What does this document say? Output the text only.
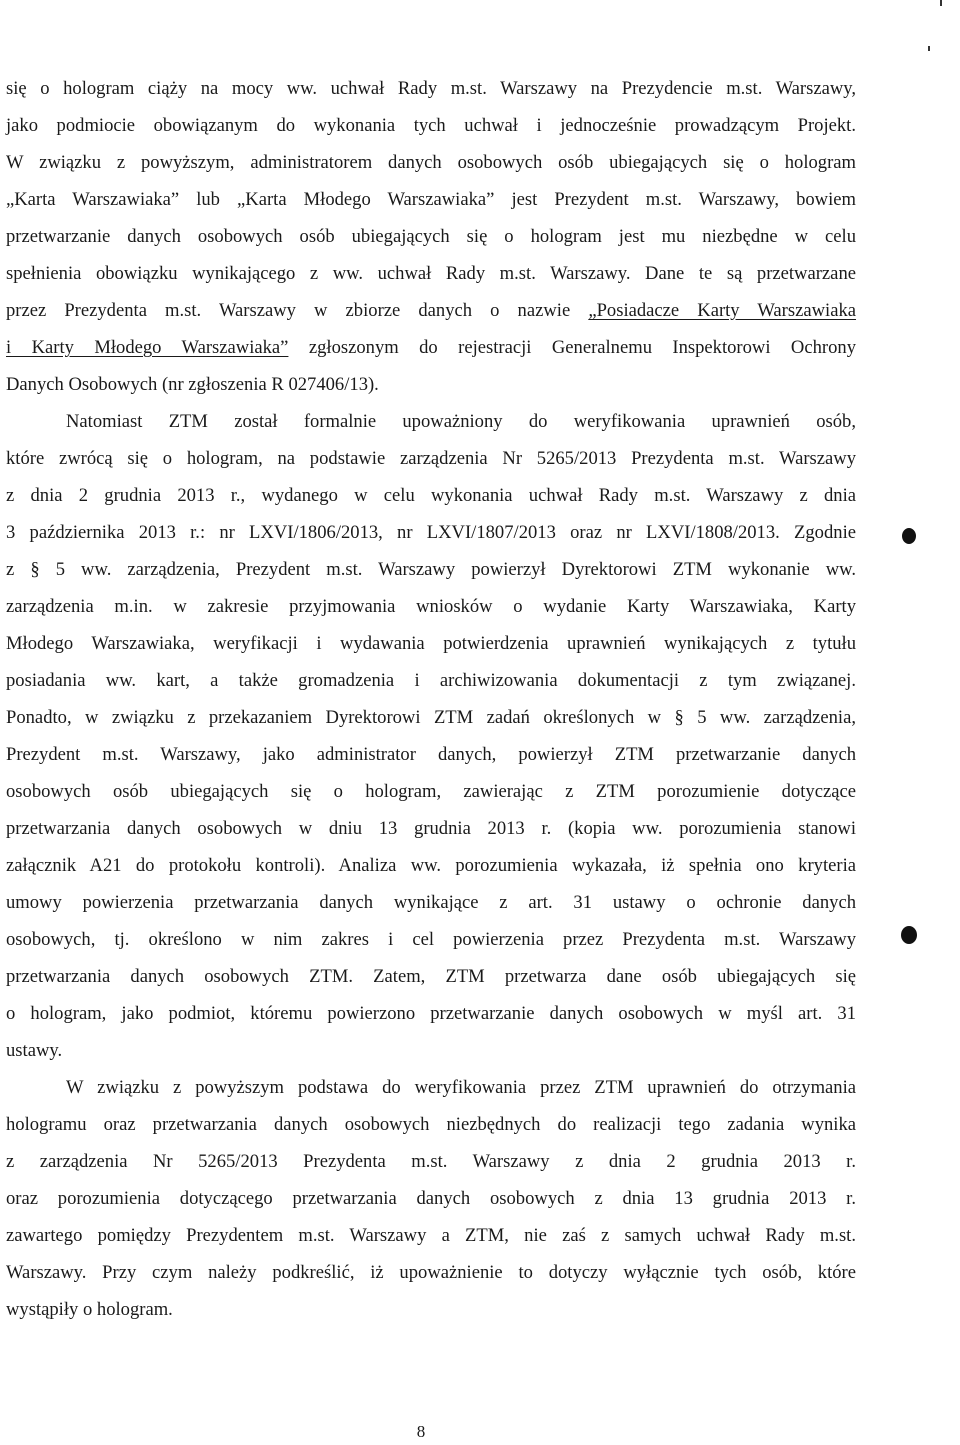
się o hologram ciąży na mocy ww. uchwał Rady m.st. Warszawy na Prezydencie m.st. Warszawy,
jako podmiocie obowiązanym do wykonania tych uchwał i jednocześnie prowadzącym Projekt.
W związku z powyższym, administratorem danych osobowych osób ubiegających się o hologram
„Karta Warszawiaka” lub „Karta Młodego Warszawiaka” jest Prezydent m.st. Warszawy, bowiem
przetwarzanie danych osobowych osób ubiegających się o hologram jest mu niezbędne w celu
spełnienia obowiązku wynikającego z ww. uchwał Rady m.st. Warszawy. Dane te są przetwarzane
przez Prezydenta m.st. Warszawy w zbiorze danych o nazwie „Posiadacze Karty Warszawiaka
i Karty Młodego Warszawiaka” zgłoszonym do rejestracji Generalnemu Inspektorowi Ochrony
Danych Osobowych (nr zgłoszenia R 027406/13).
Natomiast ZTM został formalnie upoważniony do weryfikowania uprawnień osób,
które zwrócą się o hologram, na podstawie zarządzenia Nr 5265/2013 Prezydenta m.st. Warszawy
z dnia 2 grudnia 2013 r., wydanego w celu wykonania uchwał Rady m.st. Warszawy z dnia
3 października 2013 r.: nr LXVI/1806/2013, nr LXVI/1807/2013 oraz nr LXVI/1808/2013. Zgodnie
z § 5 ww. zarządzenia, Prezydent m.st. Warszawy powierzył Dyrektorowi ZTM wykonanie ww.
zarządzenia m.in. w zakresie przyjmowania wniosków o wydanie Karty Warszawiaka, Karty
Młodego Warszawiaka, weryfikacji i wydawania potwierdzenia uprawnień wynikających z tytułu
posiadania ww. kart, a także gromadzenia i archiwizowania dokumentacji z tym związanej.
Ponadto, w związku z przekazaniem Dyrektorowi ZTM zadań określonych w § 5 ww. zarządzenia,
Prezydent m.st. Warszawy, jako administrator danych, powierzył ZTM przetwarzanie danych
osobowych osób ubiegających się o hologram, zawierając z ZTM porozumienie dotyczące
przetwarzania danych osobowych w dniu 13 grudnia 2013 r. (kopia ww. porozumienia stanowi
załącznik A21 do protokołu kontroli). Analiza ww. porozumienia wykazała, iż spełnia ono kryteria
umowy powierzenia przetwarzania danych wynikające z art. 31 ustawy o ochronie danych
osobowych, tj. określono w nim zakres i cel powierzenia przez Prezydenta m.st. Warszawy
przetwarzania danych osobowych ZTM. Zatem, ZTM przetwarza dane osób ubiegających się
o hologram, jako podmiot, któremu powierzono przetwarzanie danych osobowych w myśl art. 31
ustawy.
W związku z powyższym podstawa do weryfikowania przez ZTM uprawnień do otrzymania
hologramu oraz przetwarzania danych osobowych niezbędnych do realizacji tego zadania wynika
z zarządzenia Nr 5265/2013 Prezydenta m.st. Warszawy z dnia 2 grudnia 2013 r.
oraz porozumienia dotyczącego przetwarzania danych osobowych z dnia 13 grudnia 2013 r.
zawartego pomiędzy Prezydentem m.st. Warszawy a ZTM, nie zaś z samych uchwał Rady m.st.
Warszawy. Przy czym należy podkreślić, iż upoważnienie to dotyczy wyłącznie tych osób, które
wystąpiły o hologram.
8
